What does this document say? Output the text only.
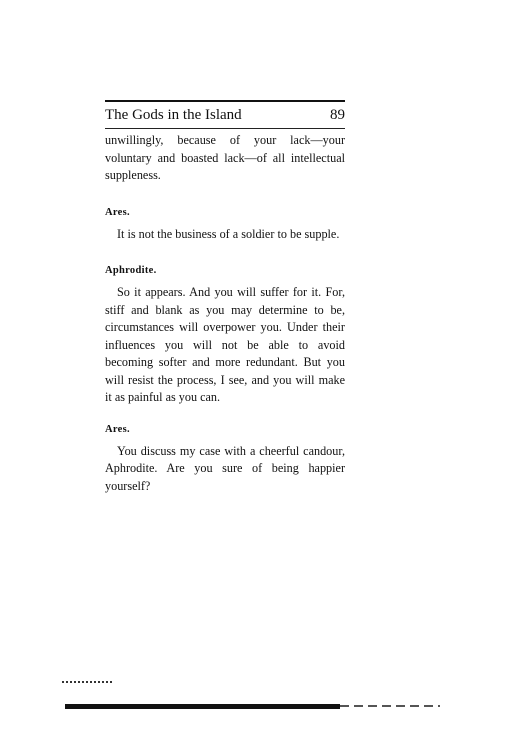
The Gods in the Island	89

unwillingly, because of your lack—your voluntary and boasted lack—of all intellectual suppleness.

Ares.

It is not the business of a soldier to be supple.

Aphrodite.

So it appears. And you will suffer for it. For, stiff and blank as you may determine to be, circumstances will overpower you. Under their influences you will not be able to avoid becoming softer and more redundant. But you will resist the process, I see, and you will make it as painful as you can.

Ares.

You discuss my case with a cheerful candour, Aphrodite. Are you sure of being happier yourself?
